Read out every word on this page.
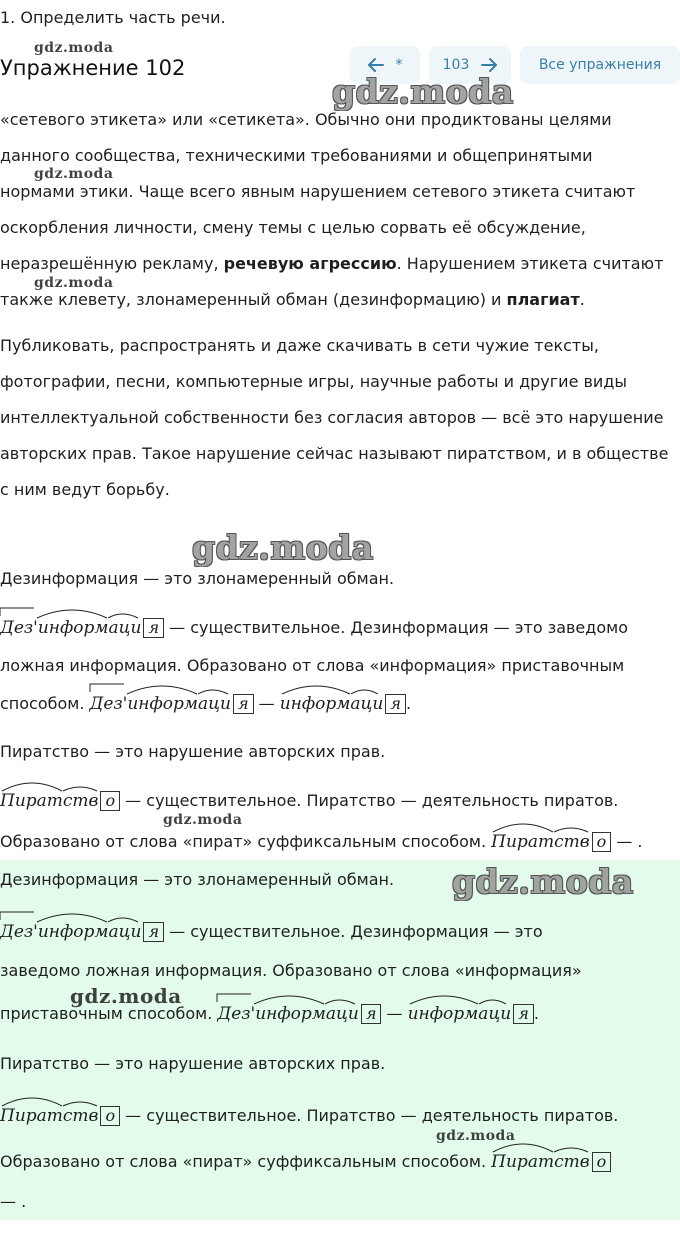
1. Определить часть речи.
gdz.moda
Упражнение 102	*	103	Все упражнения
gdz.moda
«сетевого этикета» или «сетикета». Обычно они продиктованы целями
данного сообщества, техническими требованиями и общепринятыми
нормами этики. Чаще всего явным нарушением сетевого этикета считают
оскорбления личности, смену темы с целью сорвать её обсуждение,
неразрешённую рекламу, речевую агрессию. Нарушением этикета считают
также клевету, злонамеренный обман (дезинформацию) и плагиат.
gdz.moda
gdz.moda
Публиковать, распространять и даже скачивать в сети чужие тексты,
фотографии, песни, компьютерные игры, научные работы и другие виды
интеллектуальной собственности без согласия авторов — всё это нарушение
авторских прав. Такое нарушение сейчас называют пиратством, и в обществе
с ним ведут борьбу.
gdz.moda
Дезинформация — это злонамеренный обман.
Дез'информаци я — существительное. Дезинформация — это заведомо
ложная информация. Образовано от слова «информация» приставочным
способом.
Дез'информаци я —
информаци я .
Пиратство — это нарушение авторских прав.
Пиратств о — существительное. Пиратство — деятельность пиратов.
gdz.moda
Образовано от слова «пират» суффиксальным способом.
Пиратств о — .
gdz.moda
Дезинформация — это злонамеренный обман.
Дез'информаци я — существительное. Дезинформация — это
заведомо ложная информация. Образовано от слова «информация»
gdz.moda
приставочным способом.
Дез'информаци я —
информаци я .
Пиратство — это нарушение авторских прав.
Пиратств о — существительное. Пиратство — деятельность пиратов.
gdz.moda
Образовано от слова «пират» суффиксальным способом.
Пиратств о
— .
